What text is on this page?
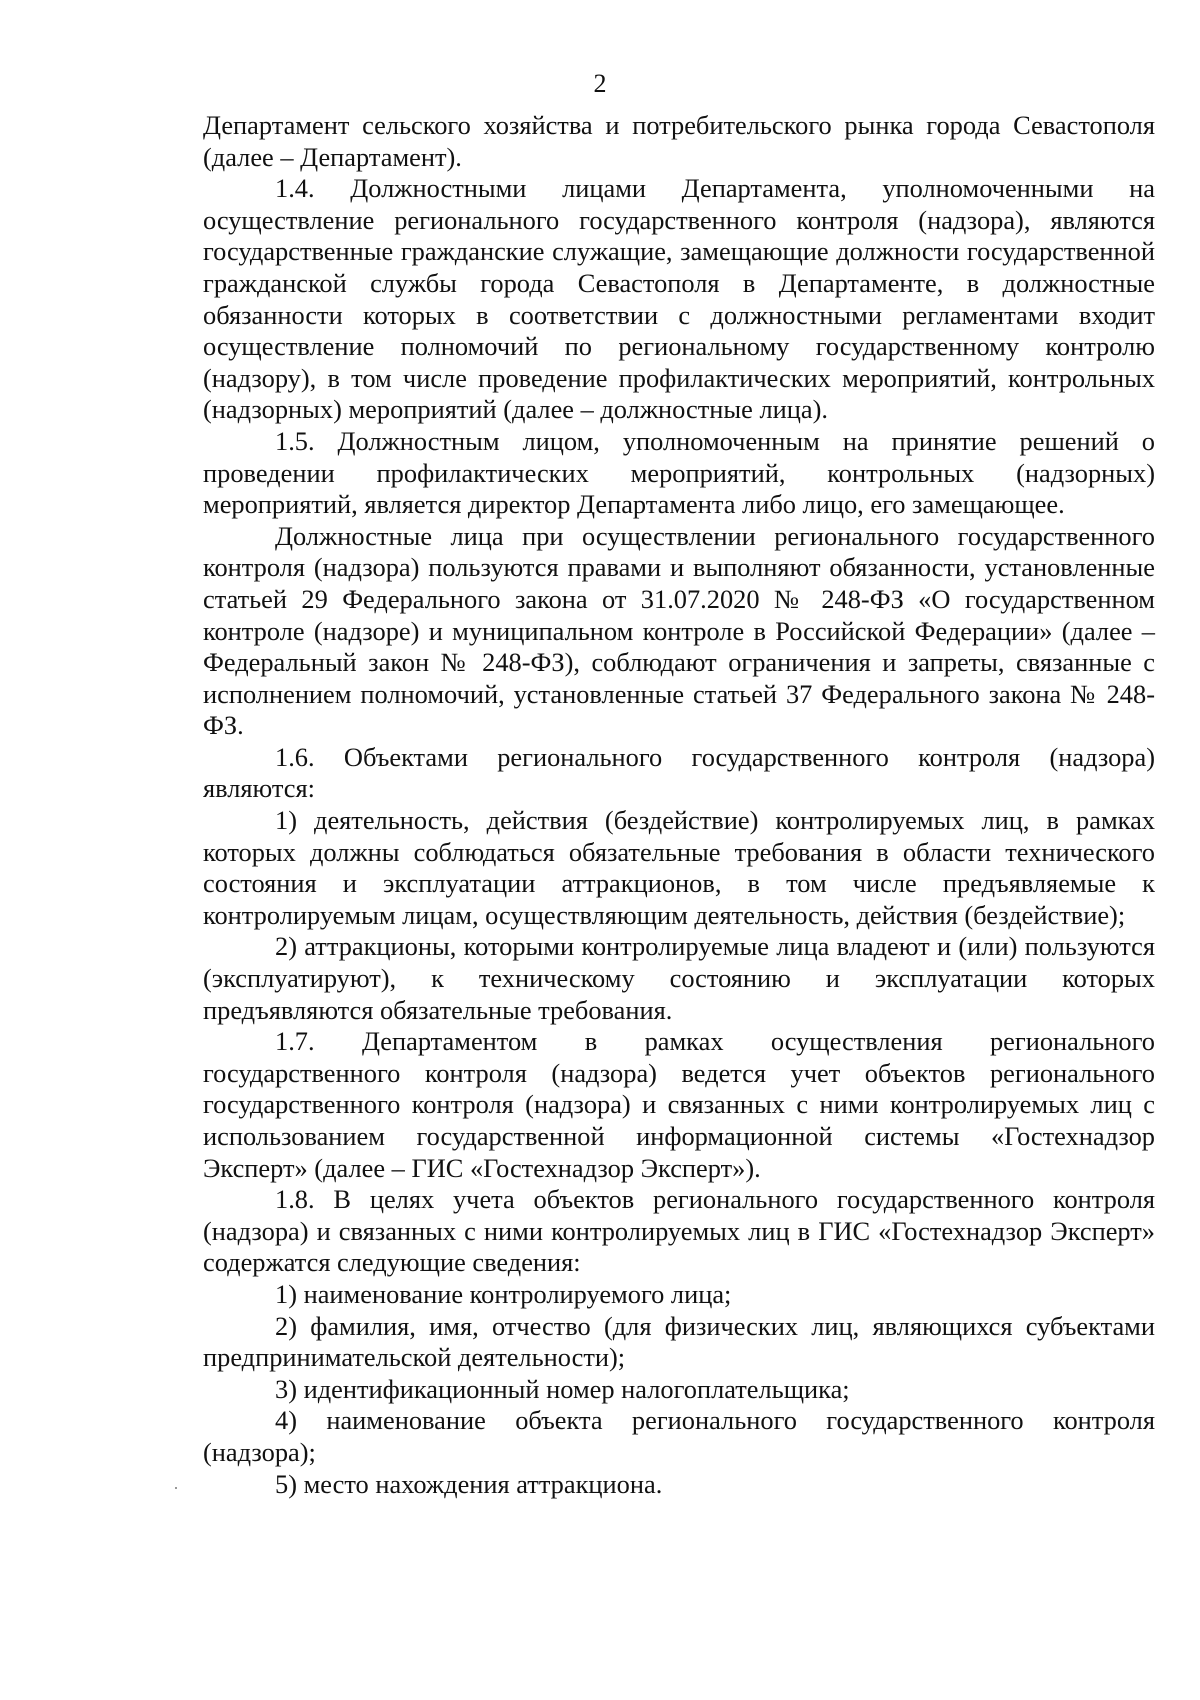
2

Департамент сельского хозяйства и потребительского рынка города Севастополя (далее – Департамент).

1.4. Должностными лицами Департамента, уполномоченными на осуществление регионального государственного контроля (надзора), являются государственные гражданские служащие, замещающие должности государственной гражданской службы города Севастополя в Департаменте, в должностные обязанности которых в соответствии с должностными регламентами входит осуществление полномочий по региональному государственному контролю (надзору), в том числе проведение профилактических мероприятий, контрольных (надзорных) мероприятий (далее – должностные лица).

1.5. Должностным лицом, уполномоченным на принятие решений о проведении профилактических мероприятий, контрольных (надзорных) мероприятий, является директор Департамента либо лицо, его замещающее.

Должностные лица при осуществлении регионального государственного контроля (надзора) пользуются правами и выполняют обязанности, установленные статьей 29 Федерального закона от 31.07.2020 № 248-ФЗ «О государственном контроле (надзоре) и муниципальном контроле в Российской Федерации» (далее – Федеральный закон № 248-ФЗ), соблюдают ограничения и запреты, связанные с исполнением полномочий, установленные статьей 37 Федерального закона № 248-ФЗ.

1.6. Объектами регионального государственного контроля (надзора) являются:

1) деятельность, действия (бездействие) контролируемых лиц, в рамках которых должны соблюдаться обязательные требования в области технического состояния и эксплуатации аттракционов, в том числе предъявляемые к контролируемым лицам, осуществляющим деятельность, действия (бездействие);

2) аттракционы, которыми контролируемые лица владеют и (или) пользуются (эксплуатируют), к техническому состоянию и эксплуатации которых предъявляются обязательные требования.

1.7. Департаментом в рамках осуществления регионального государственного контроля (надзора) ведется учет объектов регионального государственного контроля (надзора) и связанных с ними контролируемых лиц с использованием государственной информационной системы «Гостехнадзор Эксперт» (далее – ГИС «Гостехнадзор Эксперт»).

1.8. В целях учета объектов регионального государственного контроля (надзора) и связанных с ними контролируемых лиц в ГИС «Гостехнадзор Эксперт» содержатся следующие сведения:

1) наименование контролируемого лица;

2) фамилия, имя, отчество (для физических лиц, являющихся субъектами предпринимательской деятельности);

3) идентификационный номер налогоплательщика;

4) наименование объекта регионального государственного контроля (надзора);

5) место нахождения аттракциона.
